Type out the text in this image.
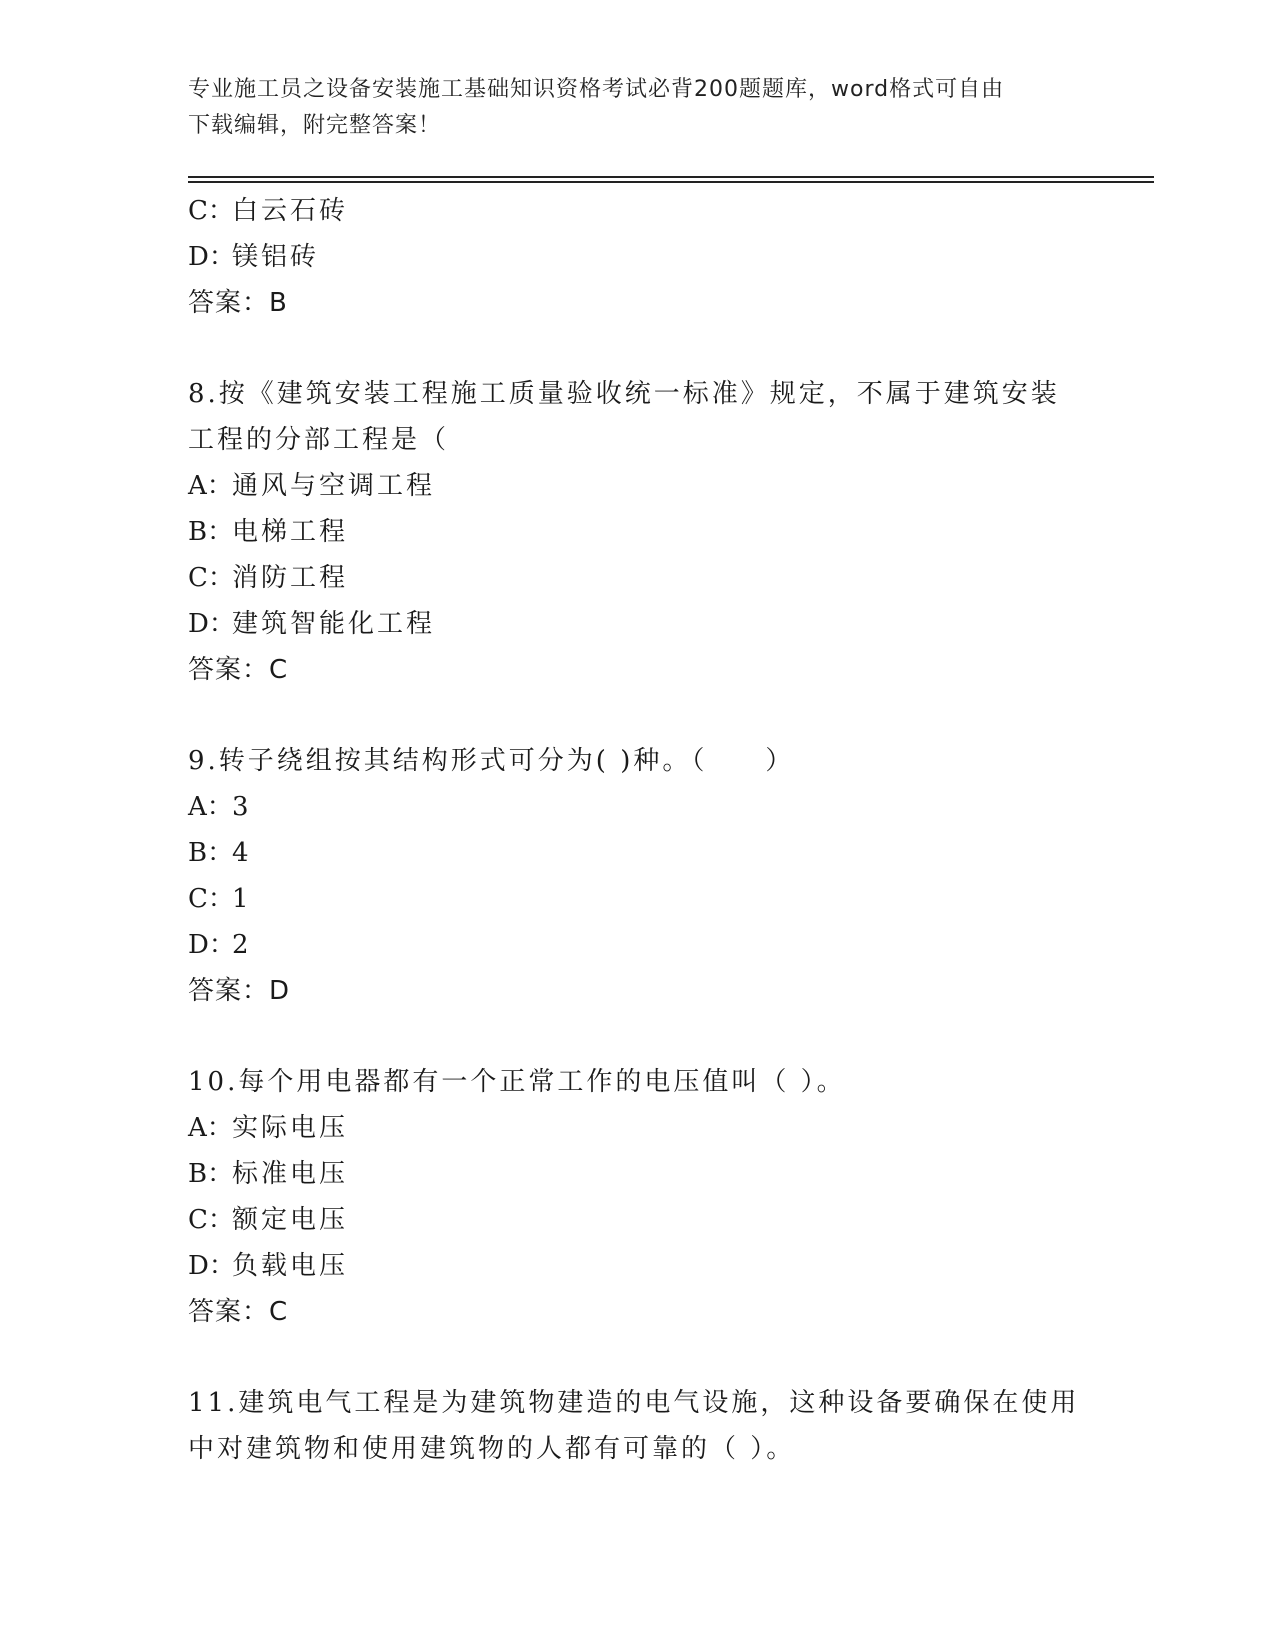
专业施工员之设备安装施工基础知识资格考试必背200题题库，word格式可自由
下载编辑，附完整答案！
C：白云石砖
D：镁铝砖
答案：B
8.按《建筑安装工程施工质量验收统一标准》规定，不属于建筑安装
工程的分部工程是（
A：通风与空调工程
B：电梯工程
C：消防工程
D：建筑智能化工程
答案：C
9.转子绕组按其结构形式可分为( )种。（　　）
A：3
B：4
C：1
D：2
答案：D
10.每个用电器都有一个正常工作的电压值叫（ ）。
A：实际电压
B：标准电压
C：额定电压
D：负载电压
答案：C
11.建筑电气工程是为建筑物建造的电气设施，这种设备要确保在使用
中对建筑物和使用建筑物的人都有可靠的（ ）。
